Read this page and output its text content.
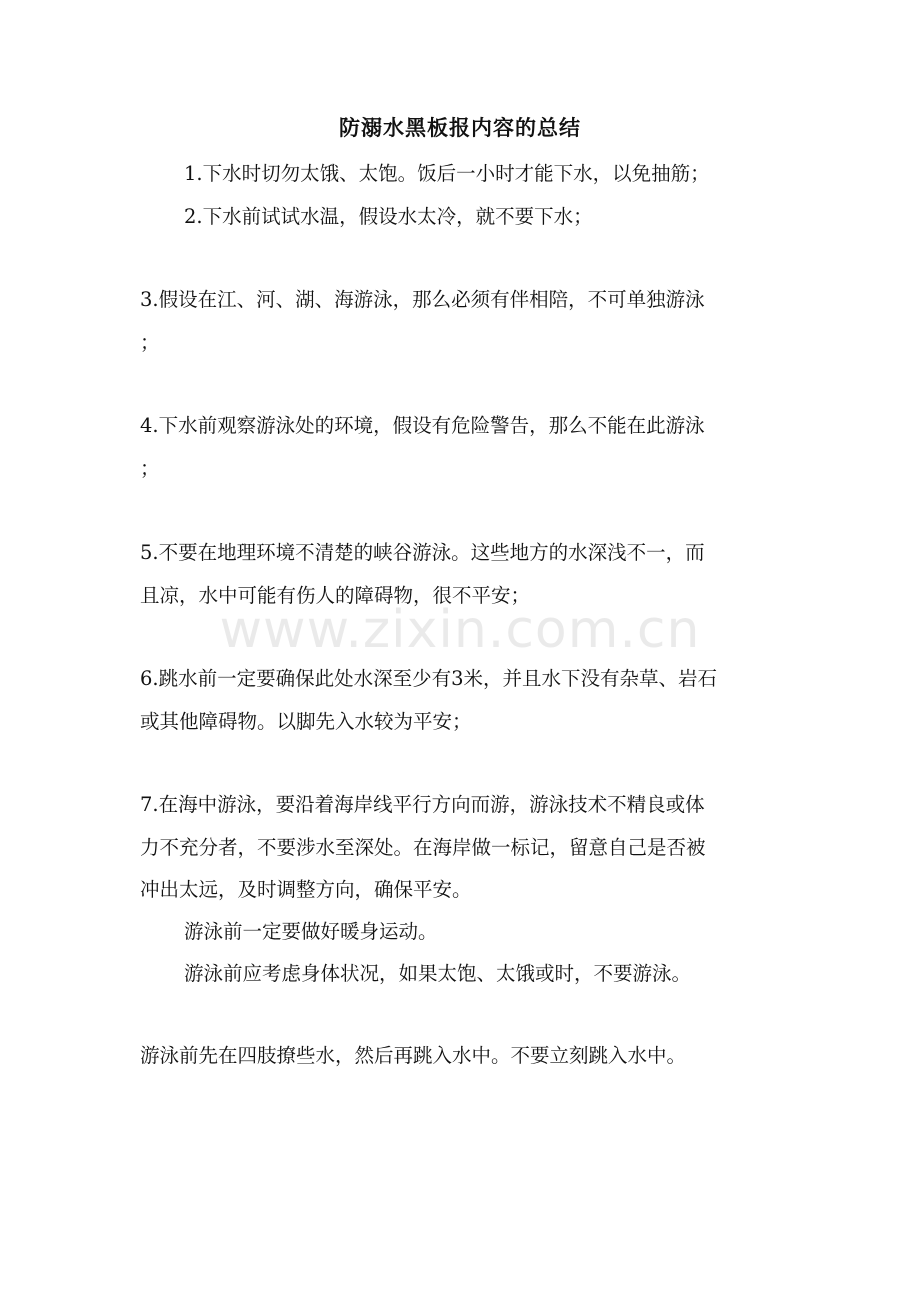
防溺水黑板报内容的总结
1.下水时切勿太饿、太饱。饭后一小时才能下水，以免抽筋；
2.下水前试试水温，假设水太冷，就不要下水；
3.假设在江、河、湖、海游泳，那么必须有伴相陪，不可单独游泳
；
4.下水前观察游泳处的环境，假设有危险警告，那么不能在此游泳
；
5.不要在地理环境不清楚的峡谷游泳。这些地方的水深浅不一，而
且凉，水中可能有伤人的障碍物，很不平安；
6.跳水前一定要确保此处水深至少有3米，并且水下没有杂草、岩石
或其他障碍物。以脚先入水较为平安；
7.在海中游泳，要沿着海岸线平行方向而游，游泳技术不精良或体
力不充分者，不要涉水至深处。在海岸做一标记，留意自己是否被
冲出太远，及时调整方向，确保平安。
游泳前一定要做好暖身运动。
游泳前应考虑身体状况，如果太饱、太饿或时，不要游泳。
游泳前先在四肢撩些水，然后再跳入水中。不要立刻跳入水中。
www.zixin.com.cn
